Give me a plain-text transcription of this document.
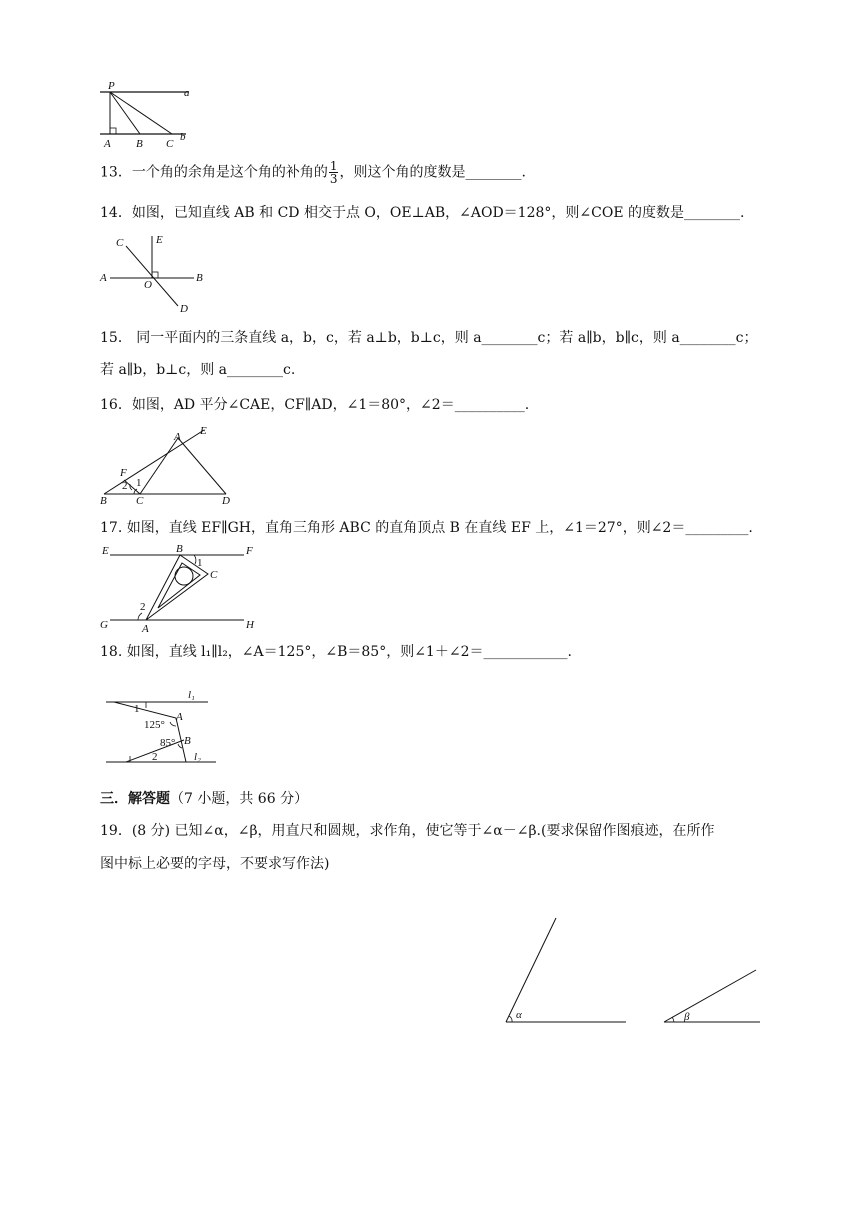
P
a
b
A B C
13．一个角的余角是这个角的补角的 $\frac{1}{3}$ ，则这个角的度数是________.
14．如图，已知直线 AB 和 CD 相交于点 O，OE⊥AB，∠AOD＝128°，则∠COE 的度数是________.
C	E
A
O
B
D
15． 同一平面内的三条直线 a，b，c，若 a⊥b，b⊥c，则 a________c；若 a∥b，b∥c，则 a________c；
若 a∥b，b⊥c，则 a________c.
16．如图，AD 平分∠CAE，CF∥AD，∠1＝80°，∠2＝__________.
A E
F
2 1
B	C	D
17. 如图，直线 EF∥GH，直角三角形 ABC 的直角顶点 B 在直线 EF 上，∠1＝27°，则∠2＝_________.
E	B	F
1
C
2
G	A	H
18. 如图，直线 l₁∥l₂，∠A＝125°，∠B＝85°，则∠1＋∠2＝____________.
l₁
l₂
A
B
125°
85°
1
2
三．解答题（7 小题，共 66 分）
19．(8 分) 已知∠α，∠β，用直尺和圆规，求作角，使它等于∠α－∠β.(要求保留作图痕迹，在所作
图中标上必要的字母，不要求写作法)
α	β
